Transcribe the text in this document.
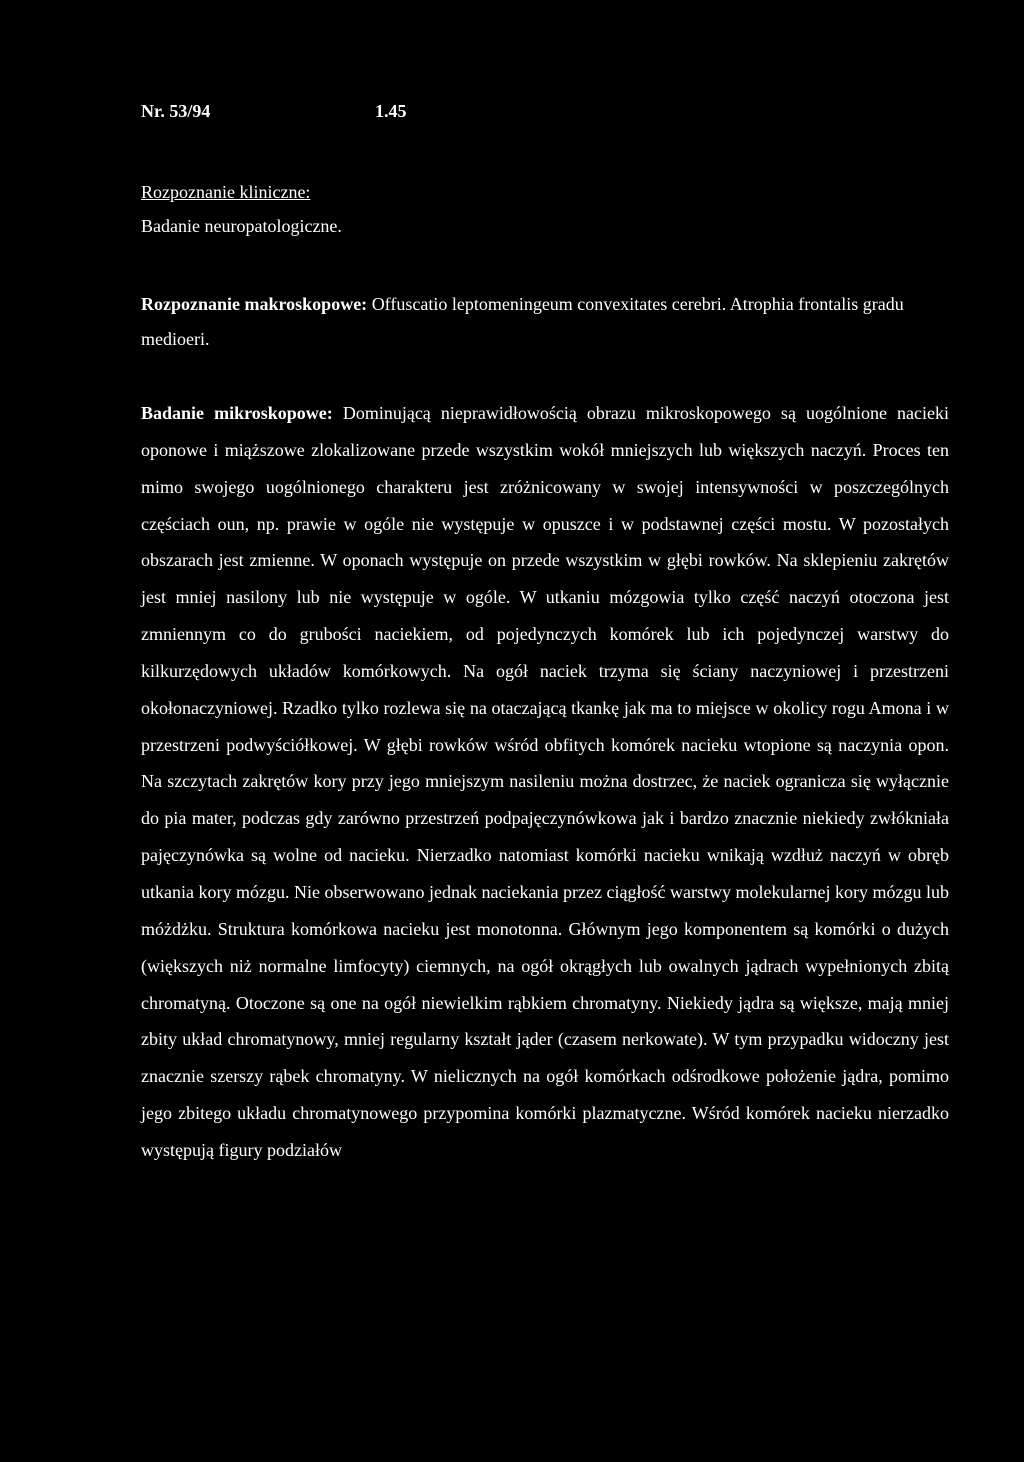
Nr. 53/94	1.45
Rozpoznanie kliniczne:
Badanie neuropatologiczne.
Rozpoznanie makroskopowe: Offuscatio leptomeningeum convexitates cerebri. Atrophia frontalis gradu medioeri.
Badanie mikroskopowe: Dominującą nieprawidłowością obrazu mikroskopowego są uogólnione nacieki oponowe i miąższowe zlokalizowane przede wszystkim wokół mniejszych lub większych naczyń. Proces ten mimo swojego uogólnionego charakteru jest zróżnicowany w swojej intensywności w poszczególnych częściach oun, np. prawie w ogóle nie występuje w opuszce i w podstawnej części mostu. W pozostałych obszarach jest zmienne. W oponach występuje on przede wszystkim w głębi rowków. Na sklepieniu zakrętów jest mniej nasilony lub nie występuje w ogóle. W utkaniu mózgowia tylko część naczyń otoczona jest zmniennym co do grubości naciekiem, od pojedynczych komórek lub ich pojedynczej warstwy do kilkurzędowych układów komórkowych. Na ogół naciek trzyma się ściany naczyniowej i przestrzeni okołonaczyniowej. Rzadko tylko rozlewa się na otaczającą tkankę jak ma to miejsce w okolicy rogu Amona i w przestrzeni podwyściółkowej. W głębi rowków wśród obfitych komórek nacieku wtopione są naczynia opon. Na szczytach zakrętów kory przy jego mniejszym nasileniu można dostrzec, że naciek ogranicza się wyłącznie do pia mater, podczas gdy zarówno przestrzeń podpajęczynówkowa jak i bardzo znacznie niekiedy zwłókniała pajęczynówka są wolne od nacieku. Nierzadko natomiast komórki nacieku wnikają wzdłuż naczyń w obręb utkania kory mózgu. Nie obserwowano jednak naciekania przez ciągłość warstwy molekularnej kory mózgu lub móżdżku. Struktura komórkowa nacieku jest monotonna. Głównym jego komponentem są komórki o dużych (większych niż normalne limfocyty) ciemnych, na ogół okrągłych lub owalnych jądrach wypełnionych zbitą chromatyną. Otoczone są one na ogół niewielkim rąbkiem chromatyny. Niekiedy jądra są większe, mają mniej zbity układ chromatynowy, mniej regularny kształt jąder (czasem nerkowate). W tym przypadku widoczny jest znacznie szerszy rąbek chromatyny. W nielicznych na ogół komórkach odśrodkowe położenie jądra, pomimo jego zbitego układu chromatynowego przypomina komórki plazmatyczne. Wśród komórek nacieku nierzadko występują figury podziałów
